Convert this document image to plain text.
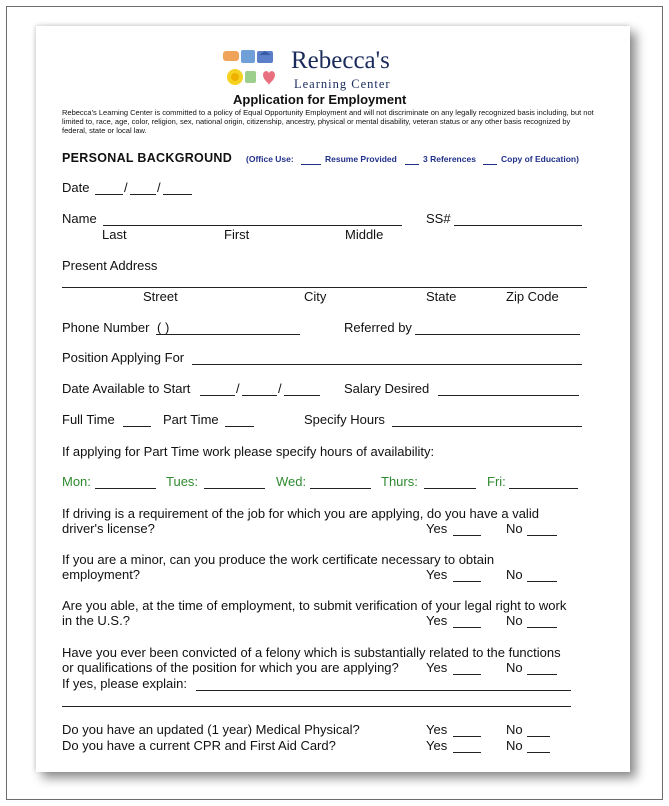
Rebecca's
Learning Center
Application for Employment
Rebecca's Learning Center is committed to a policy of Equal Opportunity Employment and will not discriminate on any legally recognized basis including, but not limited to, race, age, color, religion, sex, national origin, citizenship, ancestry, physical or mental disability, veteran status or any other basis recognized by federal, state or local law.
PERSONAL BACKGROUND (Office Use:	Resume Provided	3 References	Copy of Education)
Date	/ /
Name	SS#
Last	First	Middle
Present Address
Street	City	State	Zip Code
Phone Number ( )	Referred by
Position Applying For
Date Available to Start	/	/	Salary Desired
Full Time	Part Time	Specify Hours
If applying for Part Time work please specify hours of availability:
Mon:	Tues:	Wed:	Thurs:	Fri:
If driving is a requirement of the job for which you are applying, do you have a valid
driver's license?	Yes	No
If you are a minor, can you produce the work certificate necessary to obtain
employment?	Yes	No
Are you able, at the time of employment, to submit verification of your legal right to work
in the U.S.?	Yes	No
Have you ever been convicted of a felony which is substantially related to the functions
or qualifications of the position for which you are applying? Yes	No
If yes, please explain:
Do you have an updated (1 year) Medical Physical?	Yes	No
Do you have a current CPR and First Aid Card?	Yes	No
